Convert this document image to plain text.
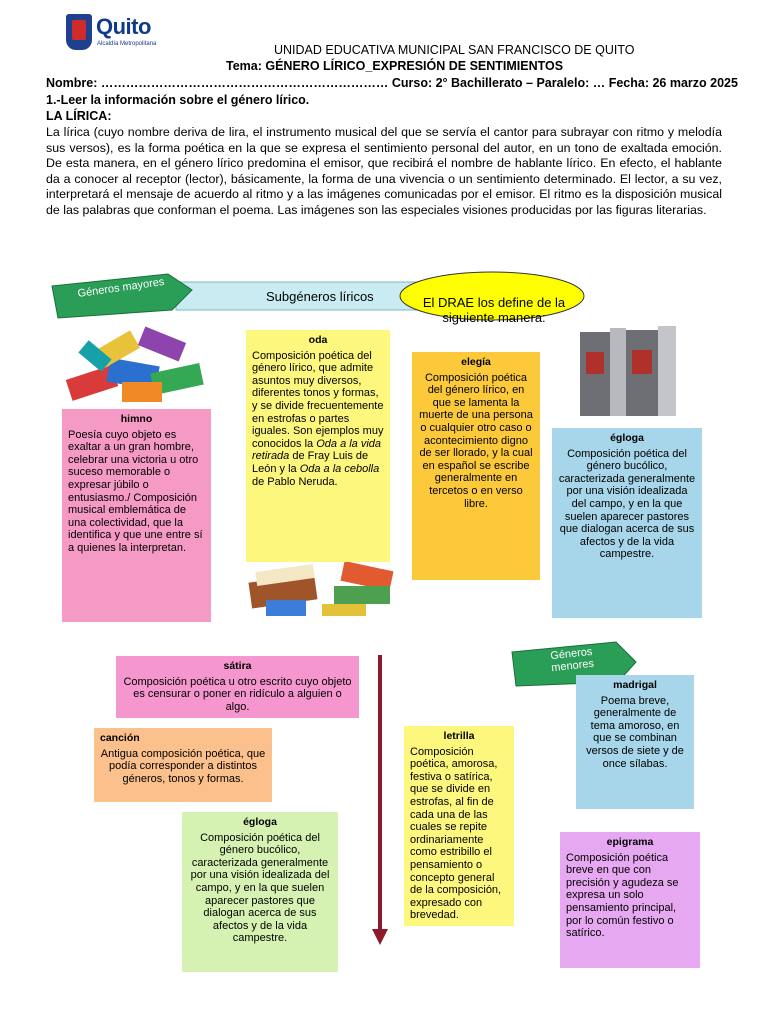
Quito
Alcaldía Metropolitana	UNIDAD EDUCATIVA MUNICIPAL SAN FRANCISCO DE QUITO
Tema: GÉNERO LÍRICO_EXPRESIÓN DE SENTIMIENTOS
Nombre: …………………………………………………………… Curso: 2° Bachillerato – Paralelo: … Fecha: 26 marzo 2025
1.-Leer la información sobre el género lírico.
LA LÍRICA:
La lírica (cuyo nombre deriva de lira, el instrumento musical del que se servía el cantor para subrayar con ritmo y melodía sus versos), es la forma poética en la que se expresa el sentimiento personal del autor, en un tono de exaltada emoción. De esta manera, en el género lírico predomina el emisor, que recibirá el nombre de hablante lírico. En efecto, el hablante da a conocer al receptor (lector), básicamente, la forma de una vivencia o un sentimiento determinado. El lector, a su vez, interpretará el mensaje de acuerdo al ritmo y a las imágenes comunicadas por el emisor. El ritmo es la disposición musical de las palabras que conforman el poema. Las imágenes son las especiales visiones producidas por las figuras literarias.
Géneros mayores	Subgéneros líricos	El DRAE los define de la siguiente manera:
himno
Poesía cuyo objeto es exaltar a un gran hombre, celebrar una victoria u otro suceso memorable o expresar júbilo o entusiasmo./ Composición musical emblemática de una colectividad, que la identifica y que une entre sí a quienes la interpretan.
oda
Composición poética del género lírico, que admite asuntos muy diversos, diferentes tonos y formas, y se divide frecuentemente en estrofas o partes iguales. Son ejemplos muy conocidos la Oda a la vida retirada de Fray Luis de León y la Oda a la cebolla de Pablo Neruda.
elegía
Composición poética del género lírico, en que se lamenta la muerte de una persona o cualquier otro caso o acontecimiento digno de ser llorado, y la cual en español se escribe generalmente en tercetos o en verso libre.
égloga
Composición poética del género bucólico, caracterizada generalmente por una visión idealizada del campo, y en la que suelen aparecer pastores que dialogan acerca de sus afectos y de la vida campestre.
Géneros menores
sátira
Composición poética u otro escrito cuyo objeto es censurar o poner en ridículo a alguien o algo.
canción
Antigua composición poética, que podía corresponder a distintos géneros, tonos y formas.
égloga
Composición poética del género bucólico, caracterizada generalmente por una visión idealizada del campo, y en la que suelen aparecer pastores que dialogan acerca de sus afectos y de la vida campestre.
letrilla
Composición poética, amorosa, festiva o satírica, que se divide en estrofas, al fin de cada una de las cuales se repite ordinariamente como estribillo el pensamiento o concepto general de la composición, expresado con brevedad.
madrigal
Poema breve, generalmente de tema amoroso, en que se combinan versos de siete y de once sílabas.
epigrama
Composición poética breve en que con precisión y agudeza se expresa un solo pensamiento principal, por lo común festivo o satírico.
